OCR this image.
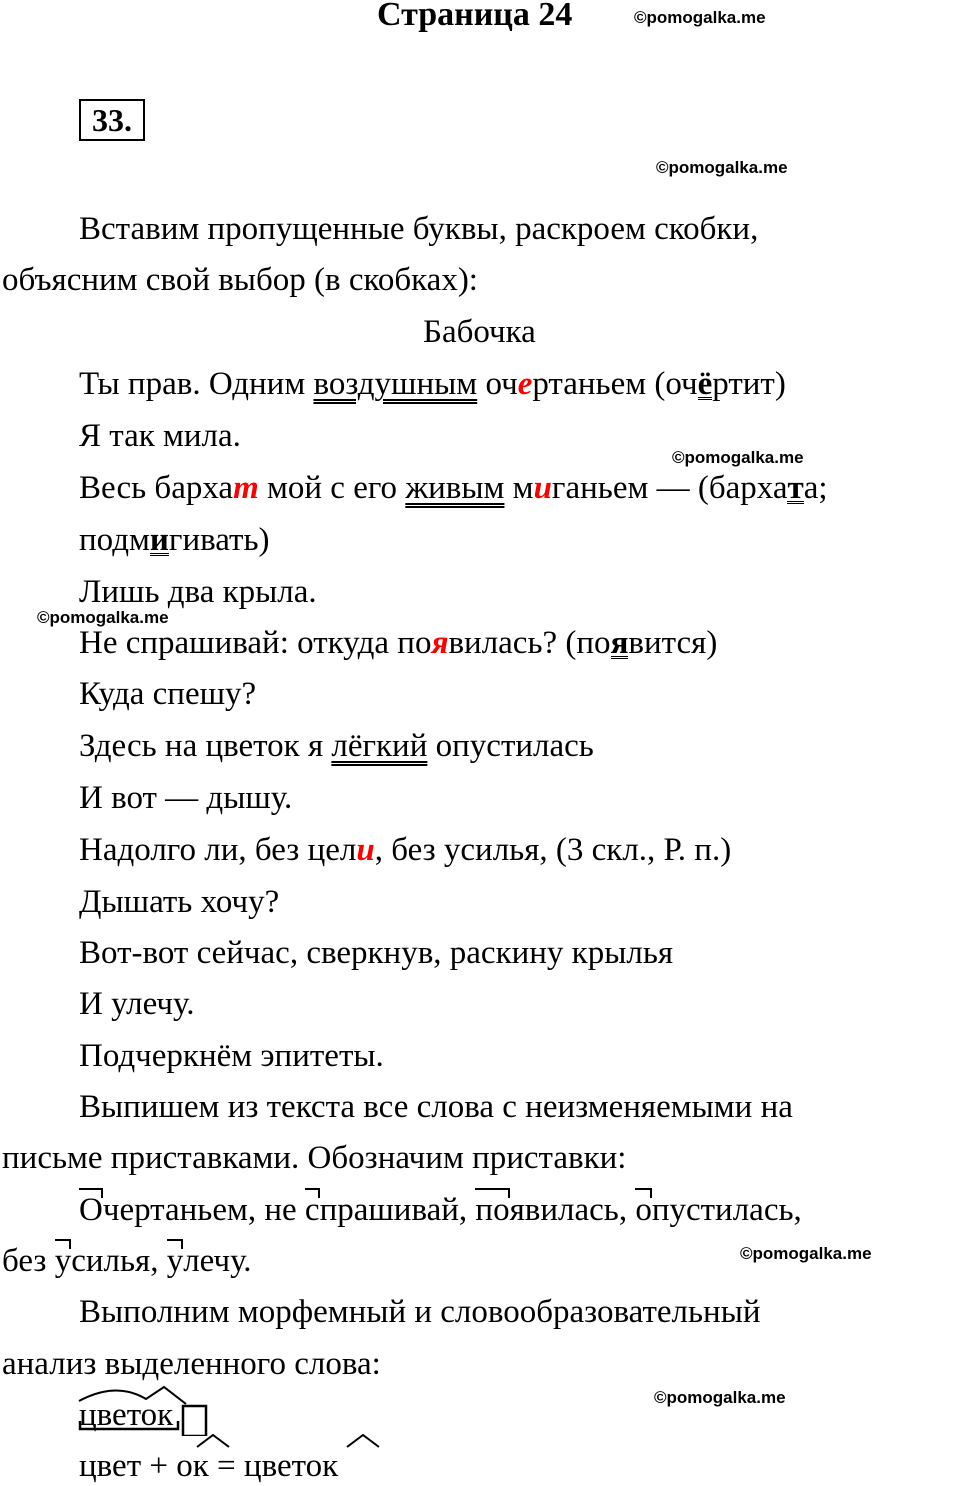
Страница 24	©pomogalka.me
33.
©pomogalka.me
Вставим пропущенные буквы, раскроем скобки,
объясним свой выбор (в скобках):
Бабочка
Ты прав. Одним воздушным очертаньем (очёртит)
Я так мила.
©pomogalka.me
Весь бархат мой с его живым миганьем — (бархата;
подмигивать)
Лишь два крыла.
©pomogalka.me
Не спрашивай: откуда появилась? (появится)
Куда спешу?
Здесь на цветок я лёгкий опустилась
И вот — дышу.
Надолго ли, без цели, без усилья, (3 скл., Р. п.)
Дышать хочу?
Вот-вот сейчас, сверкнув, раскину крылья
И улечу.
Подчеркнём эпитеты.
Выпишем из текста все слова с неизменяемыми на
письме приставками. Обозначим приставки:
Очертаньем, не спрашивай, появилась, опустилась,
без усилья, улечу.	©pomogalka.me
Выполним морфемный и словообразовательный
анализ выделенного слова:
©pomogalka.me
цветок
цвет + ок = цветок
